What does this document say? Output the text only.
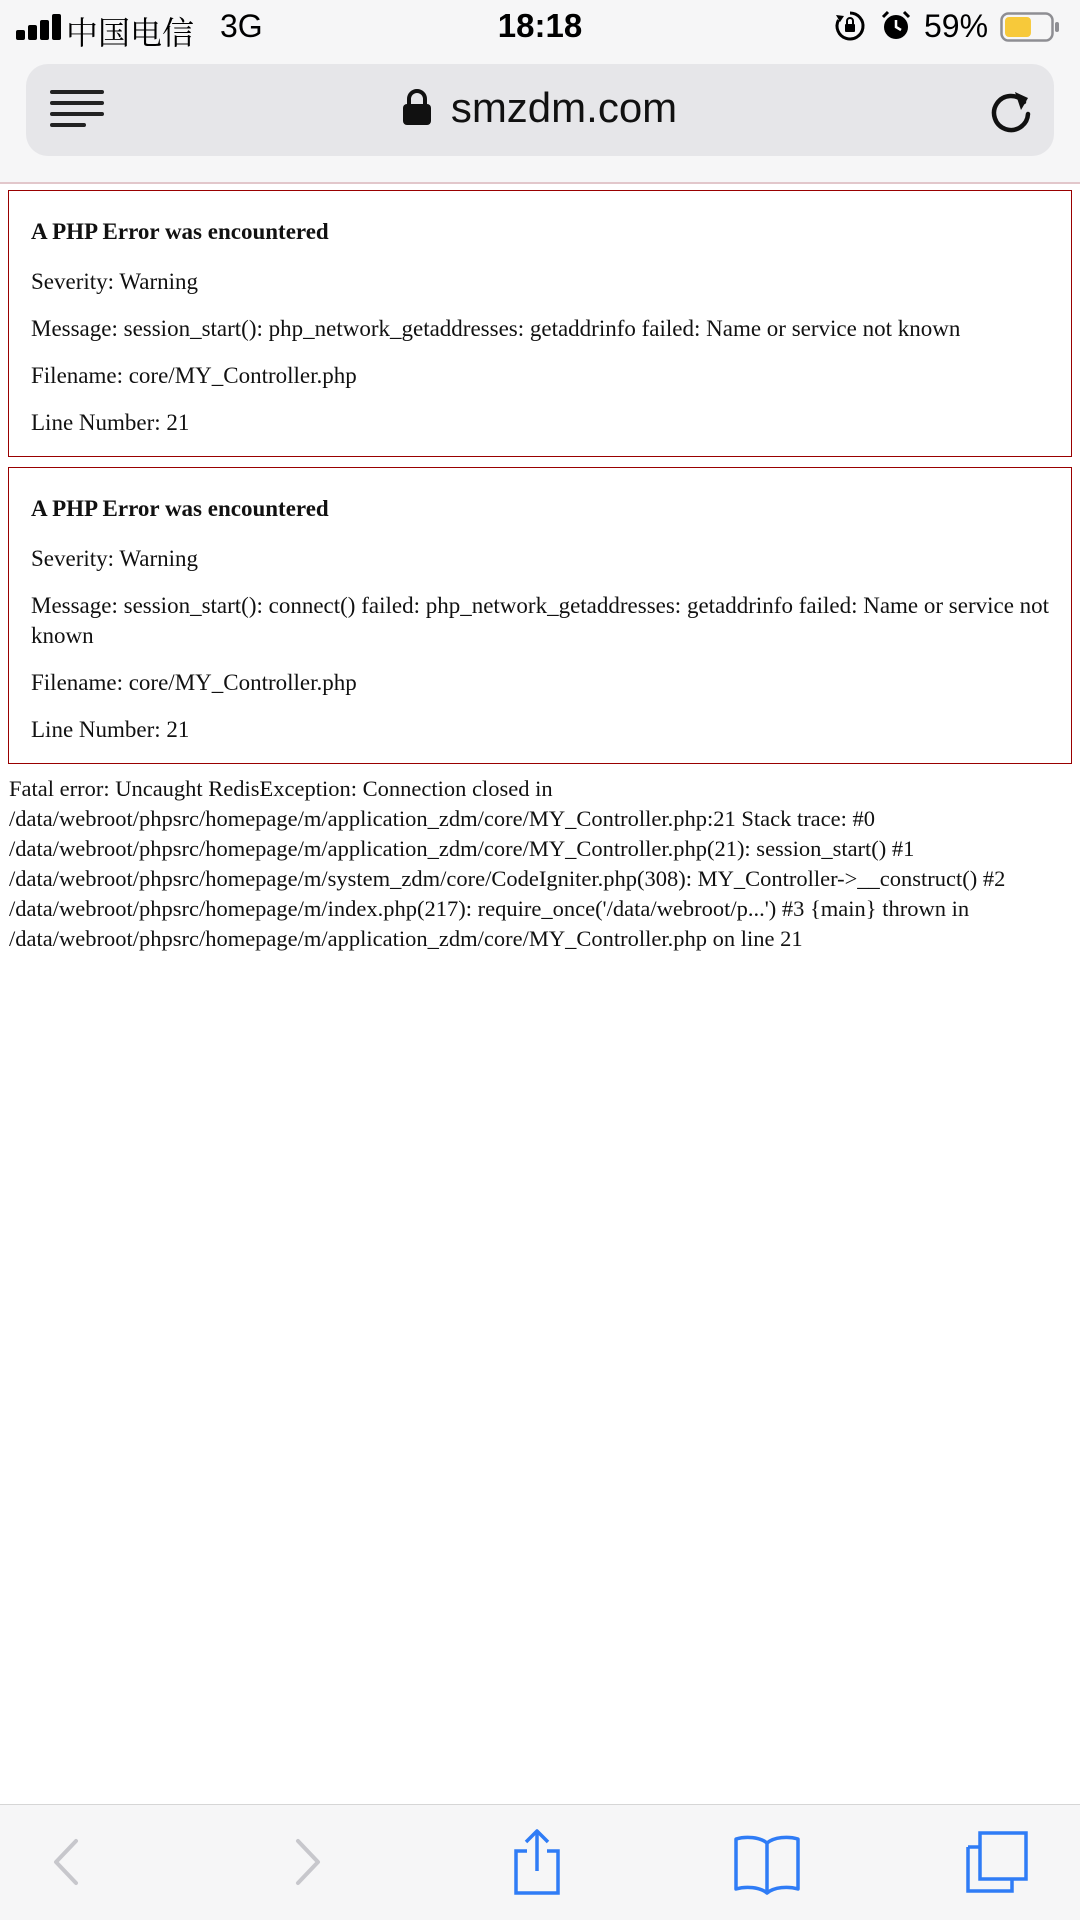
中国电信 3G	18:18	59%
smzdm.com
A PHP Error was encountered

Severity: Warning

Message: session_start(): php_network_getaddresses: getaddrinfo failed: Name or service not known

Filename: core/MY_Controller.php

Line Number: 21

A PHP Error was encountered

Severity: Warning

Message: session_start(): connect() failed: php_network_getaddresses: getaddrinfo failed: Name or service not known

Filename: core/MY_Controller.php

Line Number: 21

Fatal error: Uncaught RedisException: Connection closed in /data/webroot/phpsrc/homepage/m/application_zdm/core/MY_Controller.php:21 Stack trace: #0 /data/webroot/phpsrc/homepage/m/application_zdm/core/MY_Controller.php(21): session_start() #1 /data/webroot/phpsrc/homepage/m/system_zdm/core/CodeIgniter.php(308): MY_Controller->__construct() #2 /data/webroot/phpsrc/homepage/m/index.php(217): require_once('/data/webroot/p...') #3 {main} thrown in /data/webroot/phpsrc/homepage/m/application_zdm/core/MY_Controller.php on line 21
